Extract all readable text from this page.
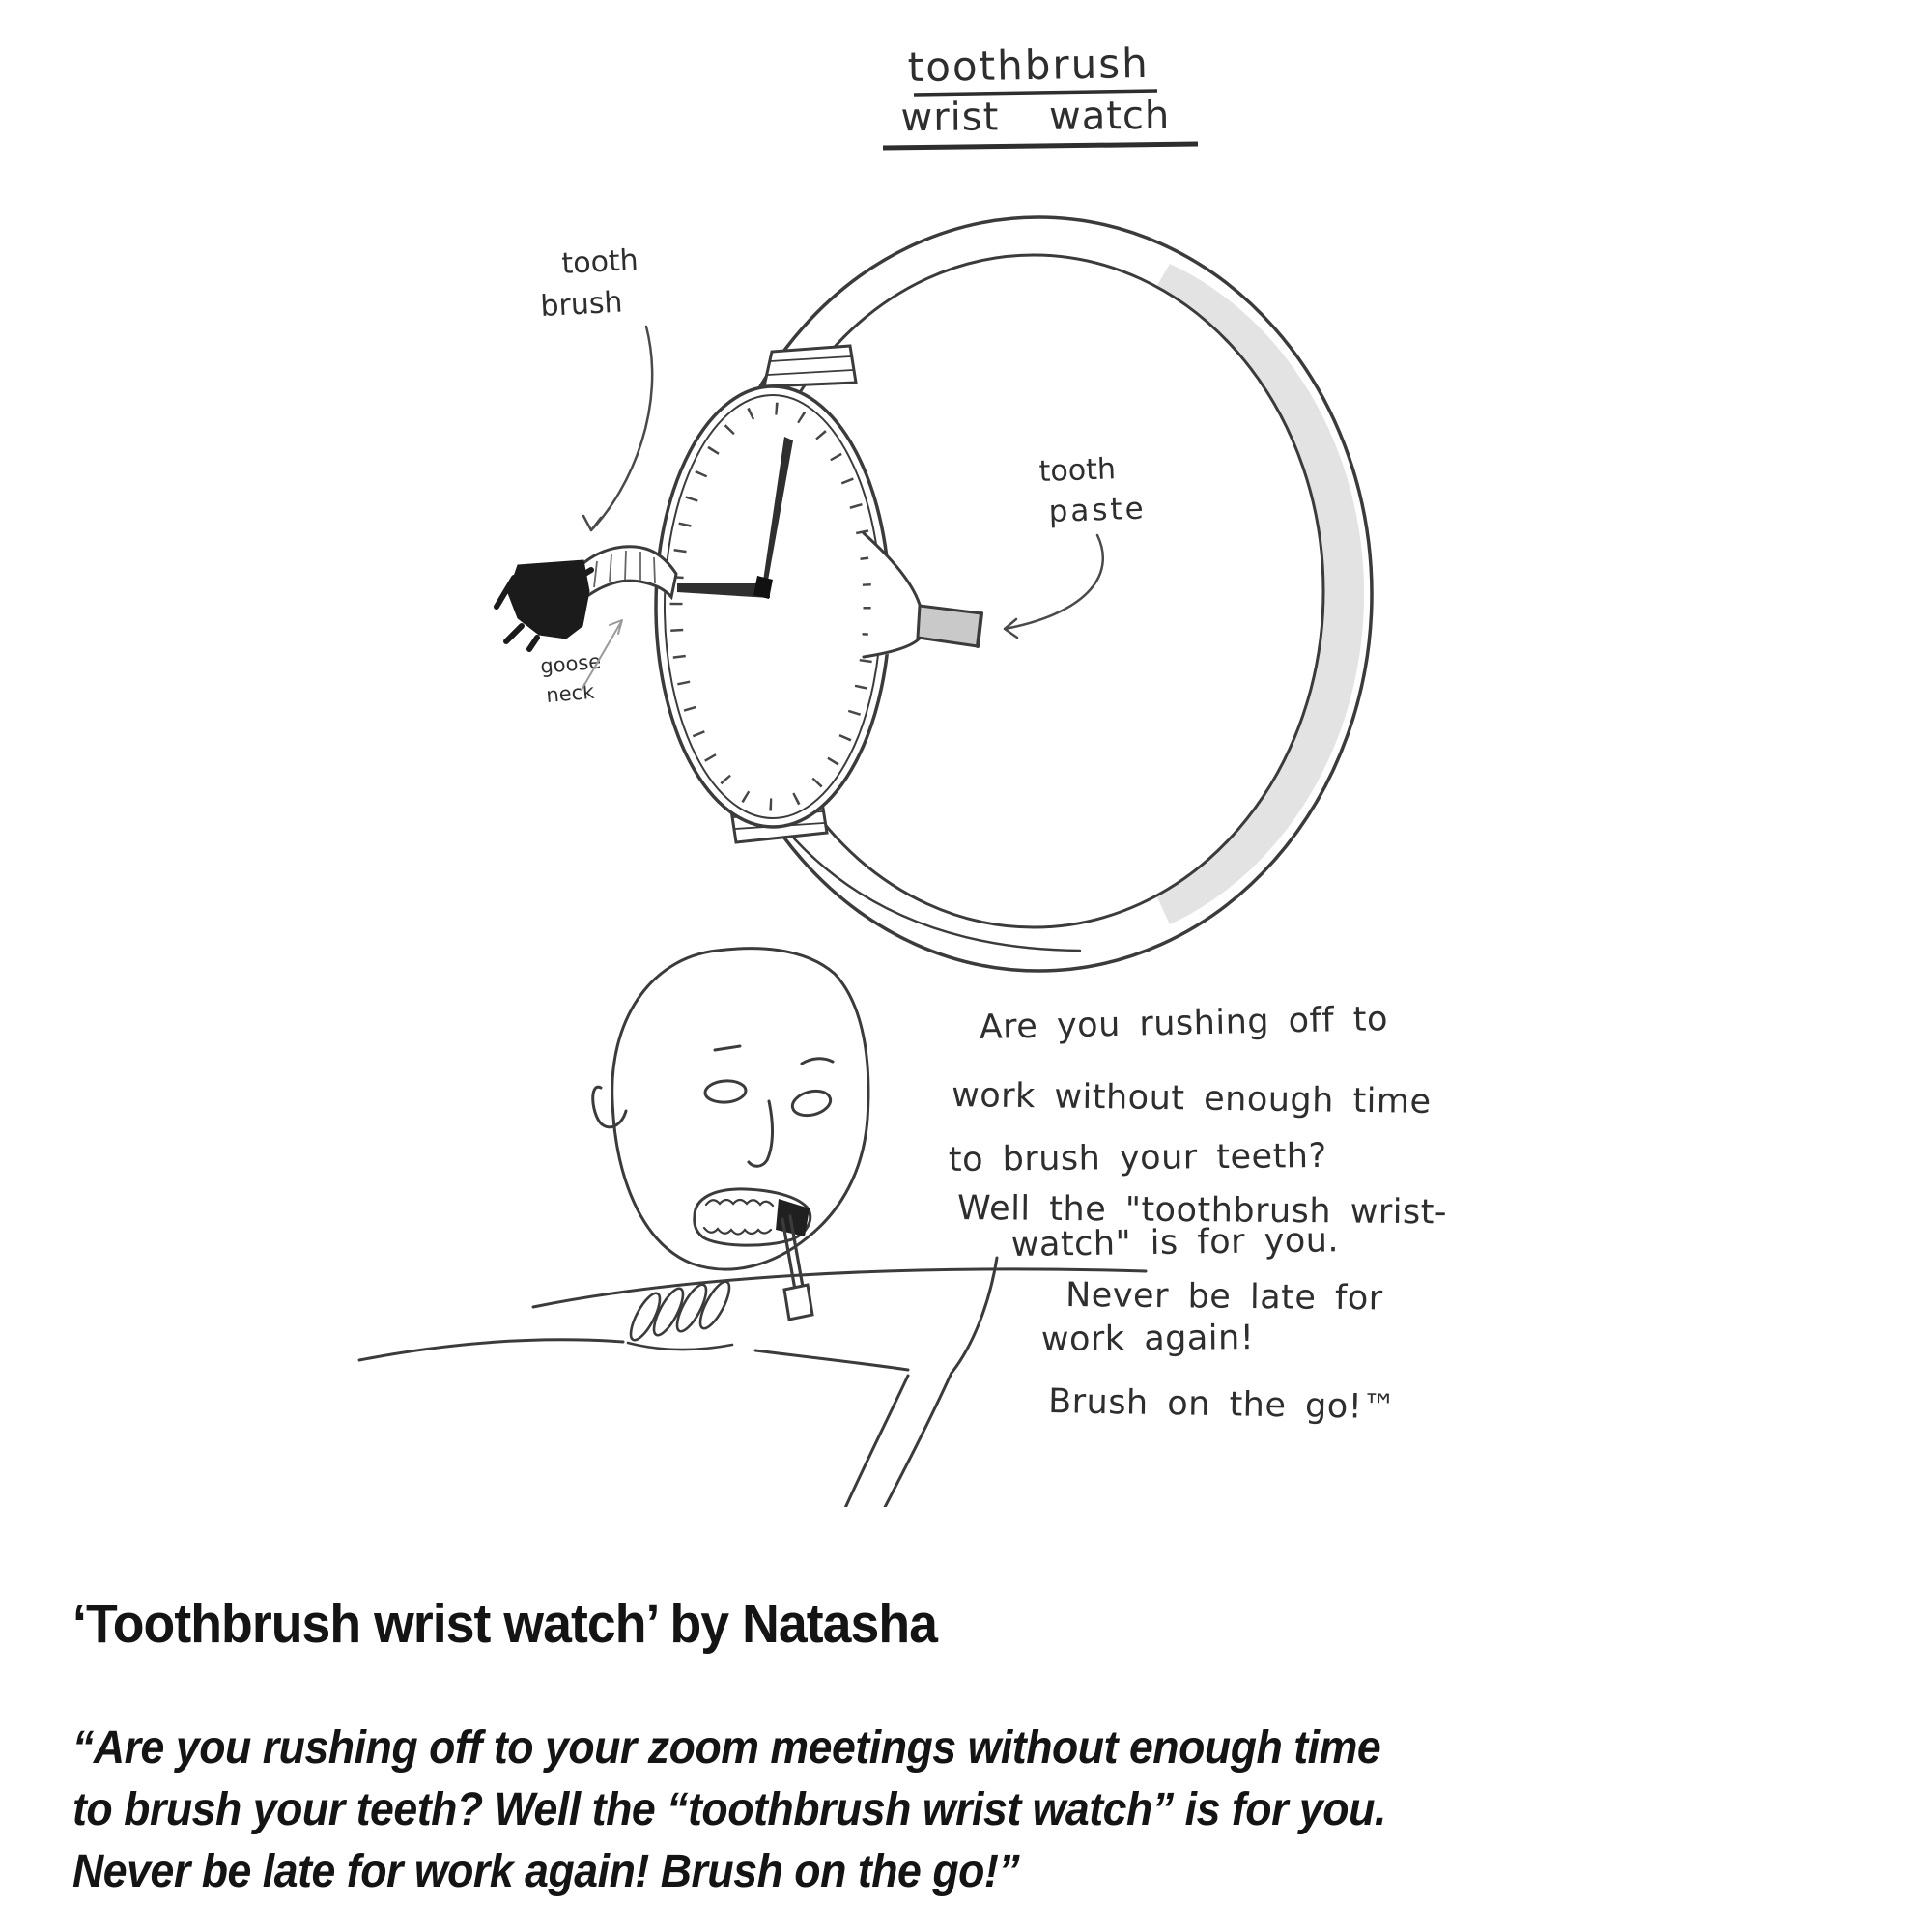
tooth
brush
goose
neck
tooth
paste
toothbrush
wrist watch
Are you rushing off to
work without enough time
to brush your teeth?
Well the "toothbrush wrist-
watch" is for you.
Never be late for
work again!
Brush on the go!™
‘Toothbrush wrist watch’ by Natasha
“Are you rushing off to your zoom meetings without enough time
to brush your teeth? Well the “toothbrush wrist watch” is for you.
Never be late for work again! Brush on the go!”
